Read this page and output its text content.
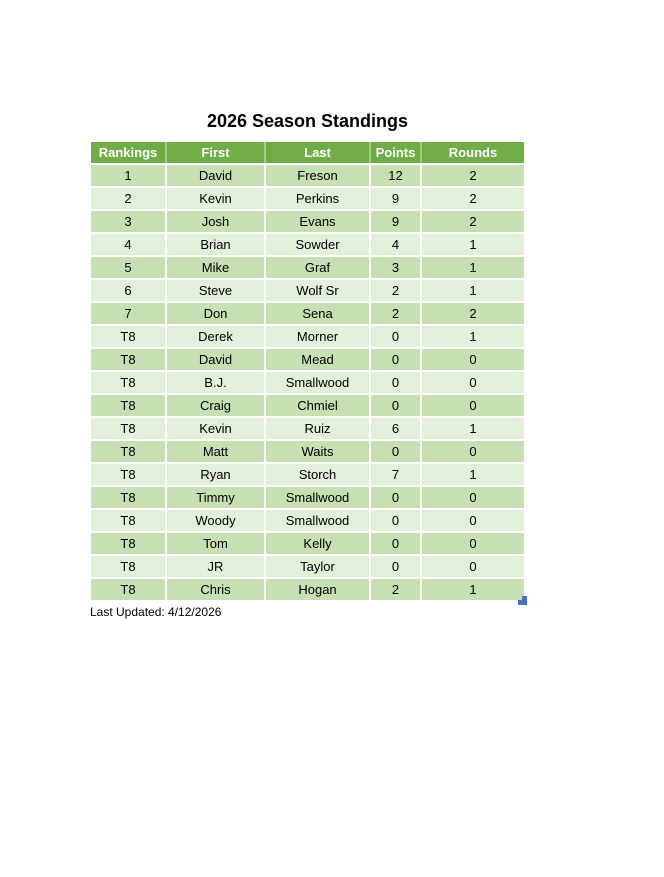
2026 Season Standings
Rankings	First	Last	Points	Rounds
1	David	Freson	12	2
2	Kevin	Perkins	9	2
3	Josh	Evans	9	2
4	Brian	Sowder	4	1
5	Mike	Graf	3	1
6	Steve	Wolf Sr	2	1
7	Don	Sena	2	2
T8	Derek	Morner	0	1
T8	David	Mead	0	0
T8	B.J.	Smallwood	0	0
T8	Craig	Chmiel	0	0
T8	Kevin	Ruiz	6	1
T8	Matt	Waits	0	0
T8	Ryan	Storch	7	1
T8	Timmy	Smallwood	0	0
T8	Woody	Smallwood	0	0
T8	Tom	Kelly	0	0
T8	JR	Taylor	0	0
T8	Chris	Hogan	2	1
Last Updated: 4/12/2026
